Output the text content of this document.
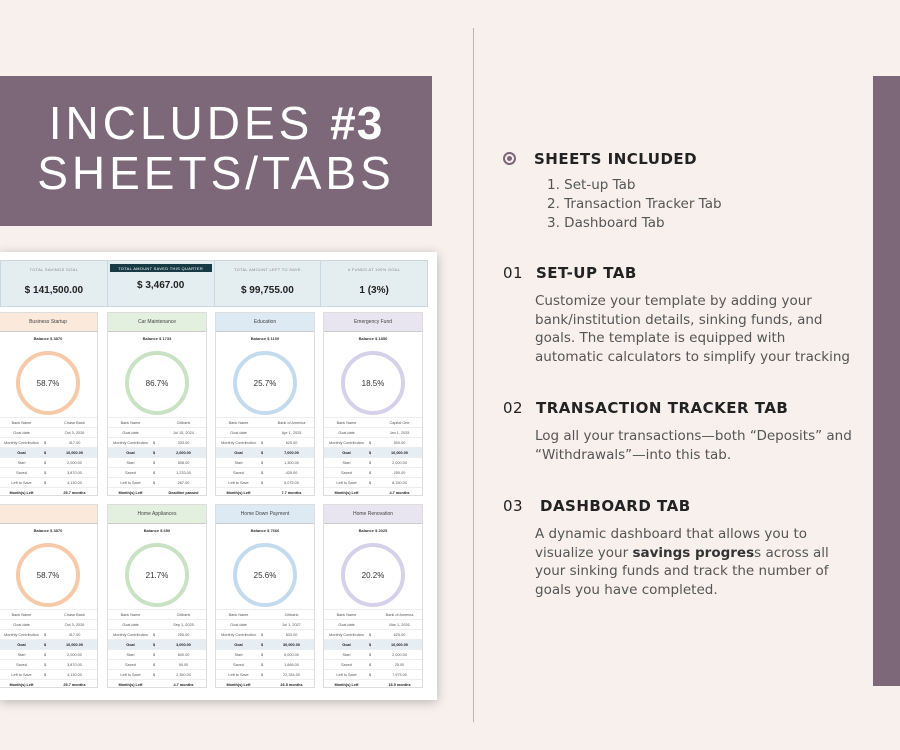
INCLUDES #3
SHEETS/TABS
TOTAL SAVINGS GOAL
$ 141,500.00
TOTAL AMOUNT SAVED THIS QUARTER
$ 3,467.00
TOTAL AMOUNT LEFT TO SAVE
$ 99,755.00
# FUNDS AT 100% GOAL
1 (3%)
Business Startup
Balance $ 3870
58.7%
Bank Name	Chase Bank
Goal date	Oct 3, 2026
Monthly Contribution	$	417.00
Goal	$	10,000.00
Start	$	2,000.00
Saved	$	3,870.00
Left to Save	$	4,130.00
Month(s) Left	25.7 months
Car Maintenance
Balance $ 1733
86.7%
Bank Name	Citibank
Goal date	Jul 15, 2024
Monthly Contribution	$	333.00
Goal	$	2,000.00
Start	$	508.00
Saved	$	1,233.00
Left to Save	$	267.00
Month(s) Left	Deadline passed
Education
Balance $ 1100
25.7%
Bank Name	Bank of America
Goal date	Apr 1, 2025
Monthly Contribution	$	625.00
Goal	$	7,000.00
Start	$	1,300.00
Saved	$	425.00
Left to Save	$	5,075.00
Month(s) Left	7.7 months
Emergency Fund
Balance $ 1850
18.5%
Bank Name	Capital One
Goal date	Jan 1, 2025
Monthly Contribution	$	500.00
Goal	$	10,000.00
Start	$	2,000.00
Saved	$	250.00
Left to Save	$	8,150.00
Month(s) Left	4.7 months
Balance $ 3870
58.7%
Bank Name	Chase Bank
Goal date	Oct 3, 2026
Monthly Contribution	$	417.00
Goal	$	10,000.00
Start	$	2,000.00
Saved	$	3,870.00
Left to Save	$	4,130.00
Month(s) Left	25.7 months
Home Appliances
Balance $ 650
21.7%
Bank Name	Citibank
Goal date	Sep 1, 2025
Monthly Contribution	$	250.00
Goal	$	3,000.00
Start	$	600.00
Saved	$	50.00
Left to Save	$	2,350.00
Month(s) Left	4.7 months
Home Down Payment
Balance $ 7666
25.6%
Bank Name	Citibank
Goal date	Jul 1, 2027
Monthly Contribution	$	833.00
Goal	$	30,000.00
Start	$	6,000.00
Saved	$	1,666.00
Left to Save	$	22,334.00
Month(s) Left	26.5 months
Home Renovation
Balance $ 2025
20.2%
Bank Name	Bank of America
Goal date	Mar 1, 2026
Monthly Contribution	$	625.00
Goal	$	10,000.00
Start	$	2,000.00
Saved	$	25.00
Left to Save	$	7,975.00
Month(s) Left	18.5 months
SHEETS INCLUDED
1. Set-up Tab
2. Transaction Tracker Tab
3. Dashboard Tab
01 SET-UP TAB
Customize your template by adding your bank/institution details, sinking funds, and goals. The template is equipped with automatic calculators to simplify your tracking
02 TRANSACTION TRACKER TAB
Log all your transactions—both “Deposits” and “Withdrawals”—into this tab.
03 DASHBOARD TAB
A dynamic dashboard that allows you to visualize your savings progress across all your sinking funds and track the number of goals you have completed.
